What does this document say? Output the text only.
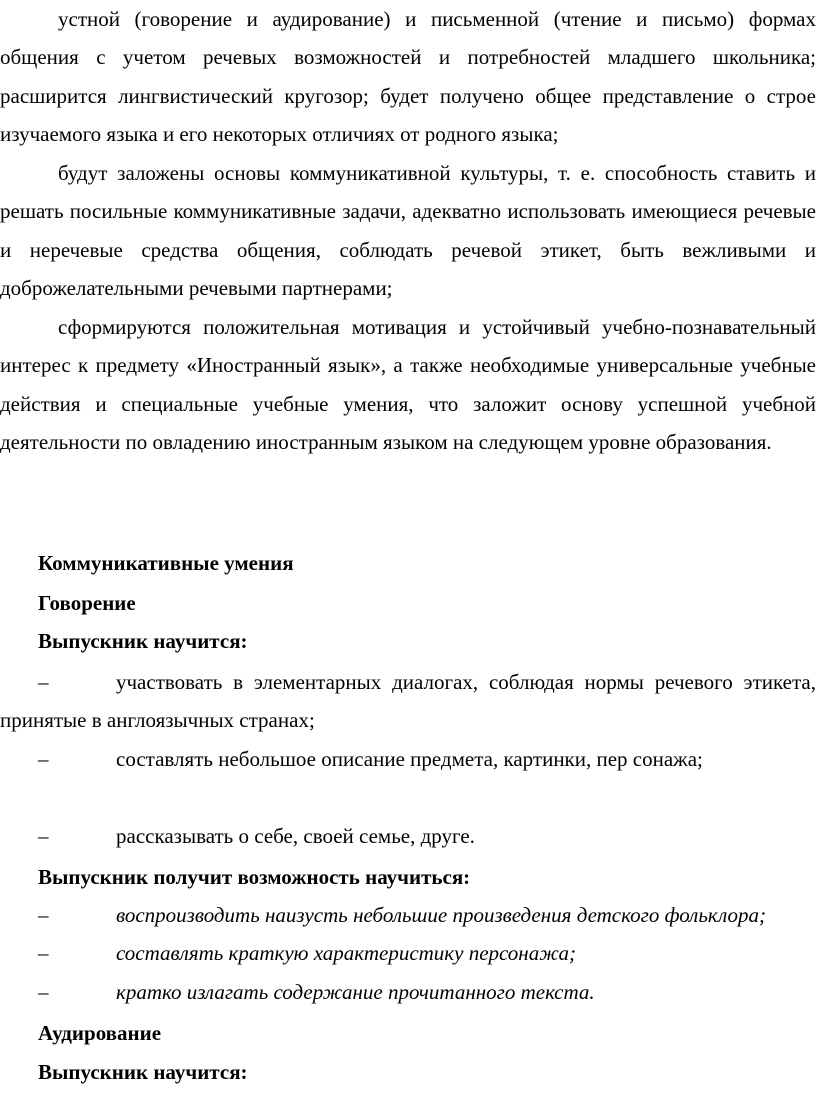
устной (говорение и аудирование) и письменной (чтение и письмо) формах общения с учетом речевых возможностей и потребностей младшего школьника; расширится лингвистический кругозор; будет получено общее представление о строе изучаемого языка и его некоторых отличиях от родного языка;

будут заложены основы коммуникативной культуры, т. е. способность ставить и решать посильные коммуникативные задачи, адекватно использовать имеющиеся речевые и неречевые средства общения, соблюдать речевой этикет, быть вежливыми и доброжелательными речевыми партнерами;

сформируются положительная мотивация и устойчивый учебно-познавательный интерес к предмету «Иностранный язык», а также необходимые универсальные учебные действия и специальные учебные умения, что заложит основу успешной учебной деятельности по овладению иностранным языком на следующем уровне образования.

Коммуникативные умения
Говорение
Выпускник научится:

–	участвовать в элементарных диалогах, соблюдая нормы речевого этикета, принятые в англоязычных странах;

–	составлять небольшое описание предмета, картинки, пер сонажа;

–	рассказывать о себе, своей семье, друге.

Выпускник получит возможность научиться:

–	воспроизводить наизусть небольшие произведения детского фольклора;

–	составлять краткую характеристику персонажа;

–	кратко излагать содержание прочитанного текста.

Аудирование
Выпускник научится:
